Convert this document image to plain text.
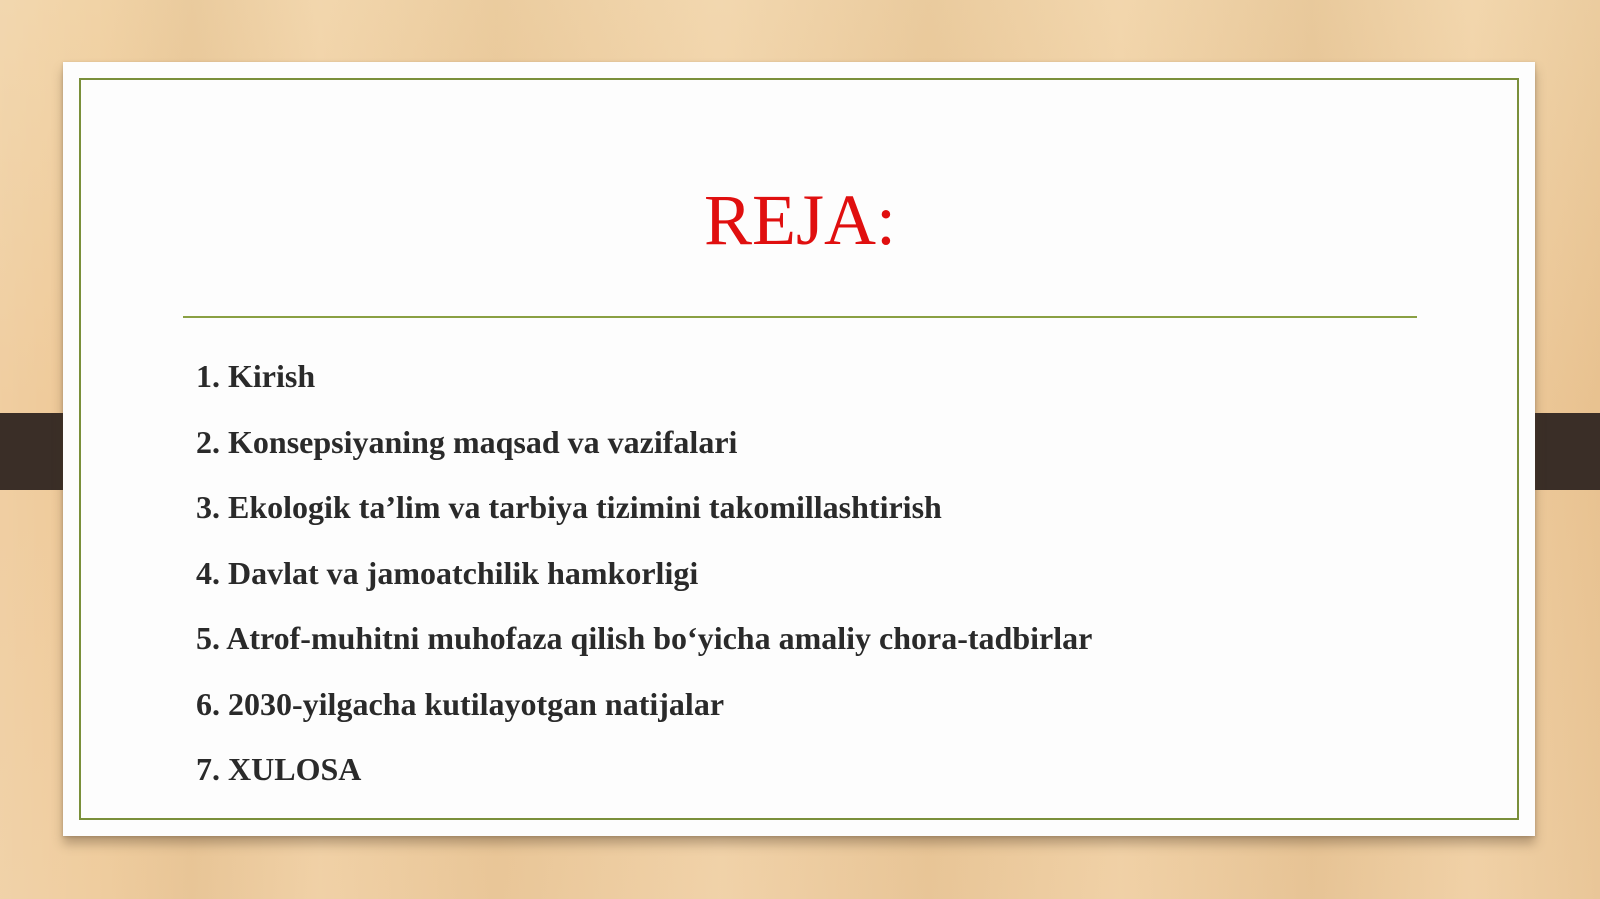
REJA:
1. Kirish
2. Konsepsiyaning maqsad va vazifalari
3. Ekologik ta’lim va tarbiya tizimini takomillashtirish
4. Davlat va jamoatchilik hamkorligi
5. Atrof-muhitni muhofaza qilish bo‘yicha amaliy chora-tadbirlar
6. 2030-yilgacha kutilayotgan natijalar
7. XULOSA
